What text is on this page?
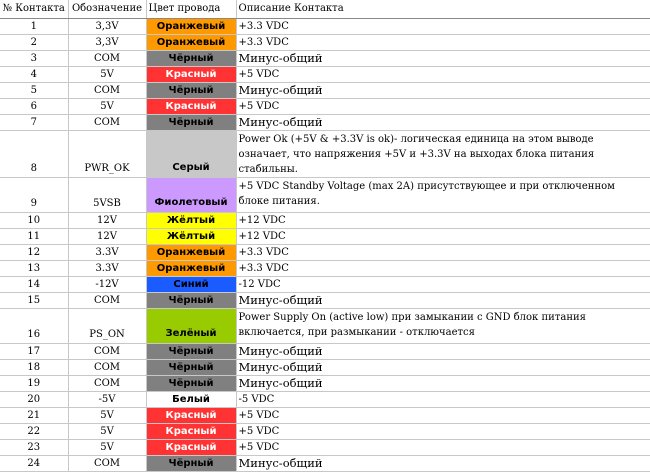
№ Контакта	Обозначение	Цвет провода	Описание Контакта
1	3,3V	Оранжевый	+3.3 VDC
2	3,3V	Оранжевый	+3.3 VDC
3	COM	Чёрный	Минус-общий
4	5V	Красный	+5 VDC
5	COM	Чёрный	Минус-общий
6	5V	Красный	+5 VDC
7	COM	Чёрный	Минус-общий
8	PWR_OK	Серый	Power Ok (+5V & +3.3V is ok)- логическая единица на этом выводе означает, что напряжения +5V и +3.3V на выходах блока питания стабильны.
9	5VSB	Фиолетовый	+5 VDC Standby Voltage (max 2A) присутствующее и при отключенном блоке питания.
10	12V	Жёлтый	+12 VDC
11	12V	Жёлтый	+12 VDC
12	3.3V	Оранжевый	+3.3 VDC
13	3.3V	Оранжевый	+3.3 VDC
14	-12V	Синий	-12 VDC
15	COM	Чёрный	Минус-общий
16	PS_ON	Зелёный	Power Supply On (active low) при замыкании с GND блок питания включается, при размыкании - отключается
17	COM	Чёрный	Минус-общий
18	COM	Чёрный	Минус-общий
19	COM	Чёрный	Минус-общий
20	-5V	Белый	-5 VDC
21	5V	Красный	+5 VDC
22	5V	Красный	+5 VDC
23	5V	Красный	+5 VDC
24	COM	Чёрный	Минус-общий
